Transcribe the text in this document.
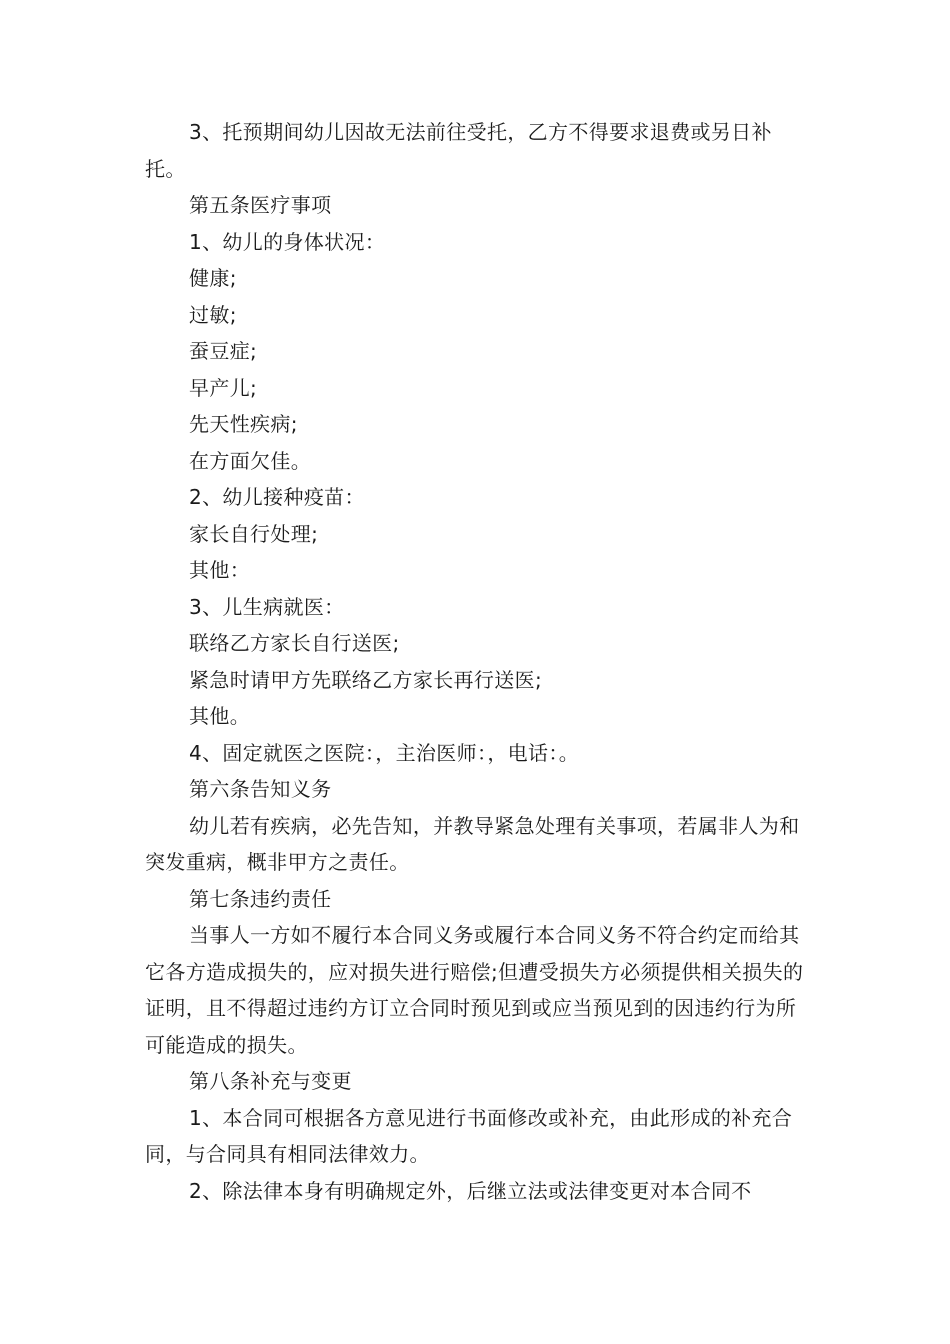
3、托预期间幼儿因故无法前往受托，乙方不得要求退费或另日补托。

第五条医疗事项

1、幼儿的身体状况：

健康;

过敏;

蚕豆症;

早产儿;

先天性疾病;

在方面欠佳。

2、幼儿接种疫苗：

家长自行处理;

其他：

3、儿生病就医：

联络乙方家长自行送医;

紧急时请甲方先联络乙方家长再行送医;

其他。

4、固定就医之医院：，主治医师：，电话：。

第六条告知义务

幼儿若有疾病，必先告知，并教导紧急处理有关事项，若属非人为和突发重病，概非甲方之责任。

第七条违约责任

当事人一方如不履行本合同义务或履行本合同义务不符合约定而给其它各方造成损失的，应对损失进行赔偿;但遭受损失方必须提供相关损失的证明，且不得超过违约方订立合同时预见到或应当预见到的因违约行为所可能造成的损失。

第八条补充与变更

1、本合同可根据各方意见进行书面修改或补充，由此形成的补充合同，与合同具有相同法律效力。

2、除法律本身有明确规定外，后继立法或法律变更对本合同不
